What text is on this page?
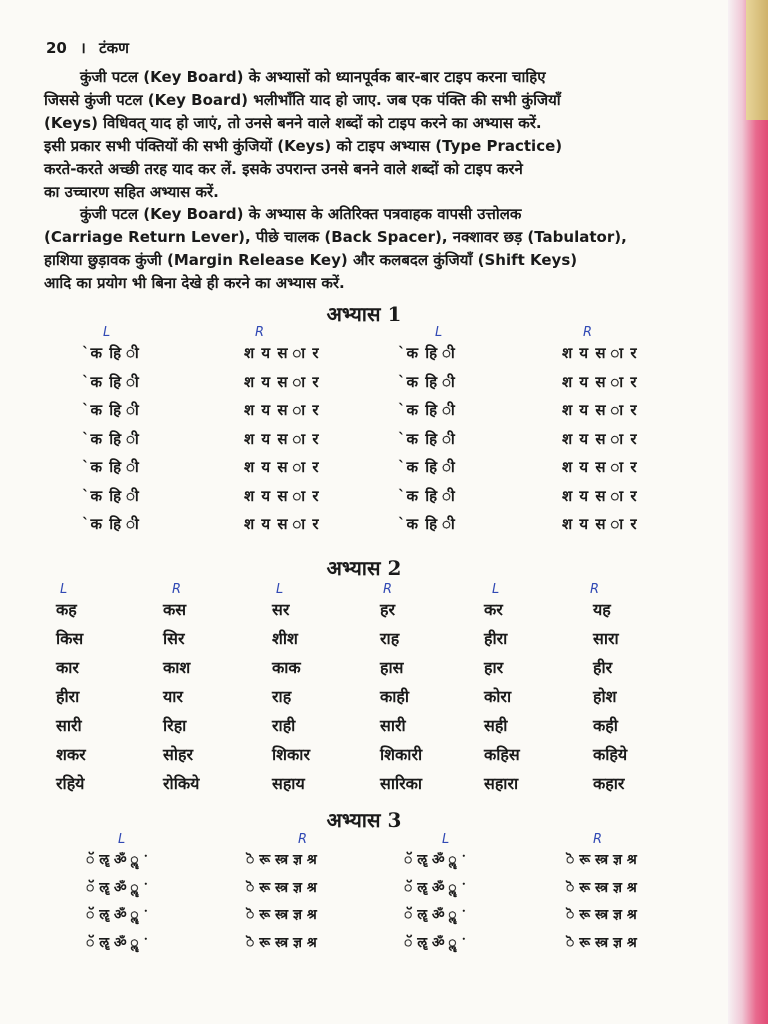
20 । टंकण
कुंजी पटल (Key Board) के अभ्यासों को ध्यानपूर्वक बार-बार टाइप करना चाहिए
जिससे कुंजी पटल (Key Board) भलीभाँति याद हो जाए. जब एक पंक्ति की सभी कुंजियाँ
(Keys) विधिवत् याद हो जाएं, तो उनसे बनने वाले शब्दों को टाइप करने का अभ्यास करें.
इसी प्रकार सभी पंक्तियों की सभी कुंजियों (Keys) को टाइप अभ्यास (Type Practice)
करते-करते अच्छी तरह याद कर लें. इसके उपरान्त उनसे बनने वाले शब्दों को टाइप करने
का उच्चारण सहित अभ्यास करें.
कुंजी पटल (Key Board) के अभ्यास के अतिरिक्त पत्रवाहक वापसी उत्तोलक
(Carriage Return Lever), पीछे चालक (Back Spacer), नक्शावर छड़ (Tabulator),
हाशिया छुड़ावक कुंजी (Margin Release Key) और कलबदल कुंजियाँ (Shift Keys)
आदि का प्रयोग भी बिना देखे ही करने का अभ्यास करें.
अभ्यास 1
L	R	L	R
`क हि ी	श य स ा र	`क हि ी	श य स ा र
`क हि ी	श य स ा र	`क हि ी	श य स ा र
`क हि ी	श य स ा र	`क हि ी	श य स ा र
`क हि ी	श य स ा र	`क हि ी	श य स ा र
`क हि ी	श य स ा र	`क हि ी	श य स ा र
`क हि ी	श य स ा र	`क हि ी	श य स ा र
`क हि ी	श य स ा र	`क हि ी	श य स ा र
अभ्यास 2
L	R	L	R	L	R
कह	कस	सर	हर	कर	यह
किस	सिर	शीश	राह	हीरा	सारा
कार	काश	काक	हास	हार	हीर
हीरा	यार	राह	काही	कोरा	होश
सारी	रिहा	राही	सारी	सही	कही
शकर	सोहर	शिकार	शिकारी	कहिस	कहिये
रहिये	रोकिये	सहाय	सारिका	सहारा	कहार
अभ्यास 3
L	R	L	R
ॅ ॡ ॐ ॣ ॱ	ॆ रू स्त्र ज्ञ श्र	ॅ ॡ ॐ ॣ ॱ	ॆ रू स्त्र ज्ञ श्र
ॅ ॡ ॐ ॣ ॱ	ॆ रू स्त्र ज्ञ श्र	ॅ ॡ ॐ ॣ ॱ	ॆ रू स्त्र ज्ञ श्र
ॅ ॡ ॐ ॣ ॱ	ॆ रू स्त्र ज्ञ श्र	ॅ ॡ ॐ ॣ ॱ	ॆ रू स्त्र ज्ञ श्र
ॅ ॡ ॐ ॣ ॱ	ॆ रू स्त्र ज्ञ श्र	ॅ ॡ ॐ ॣ ॱ	ॆ रू स्त्र ज्ञ श्र
